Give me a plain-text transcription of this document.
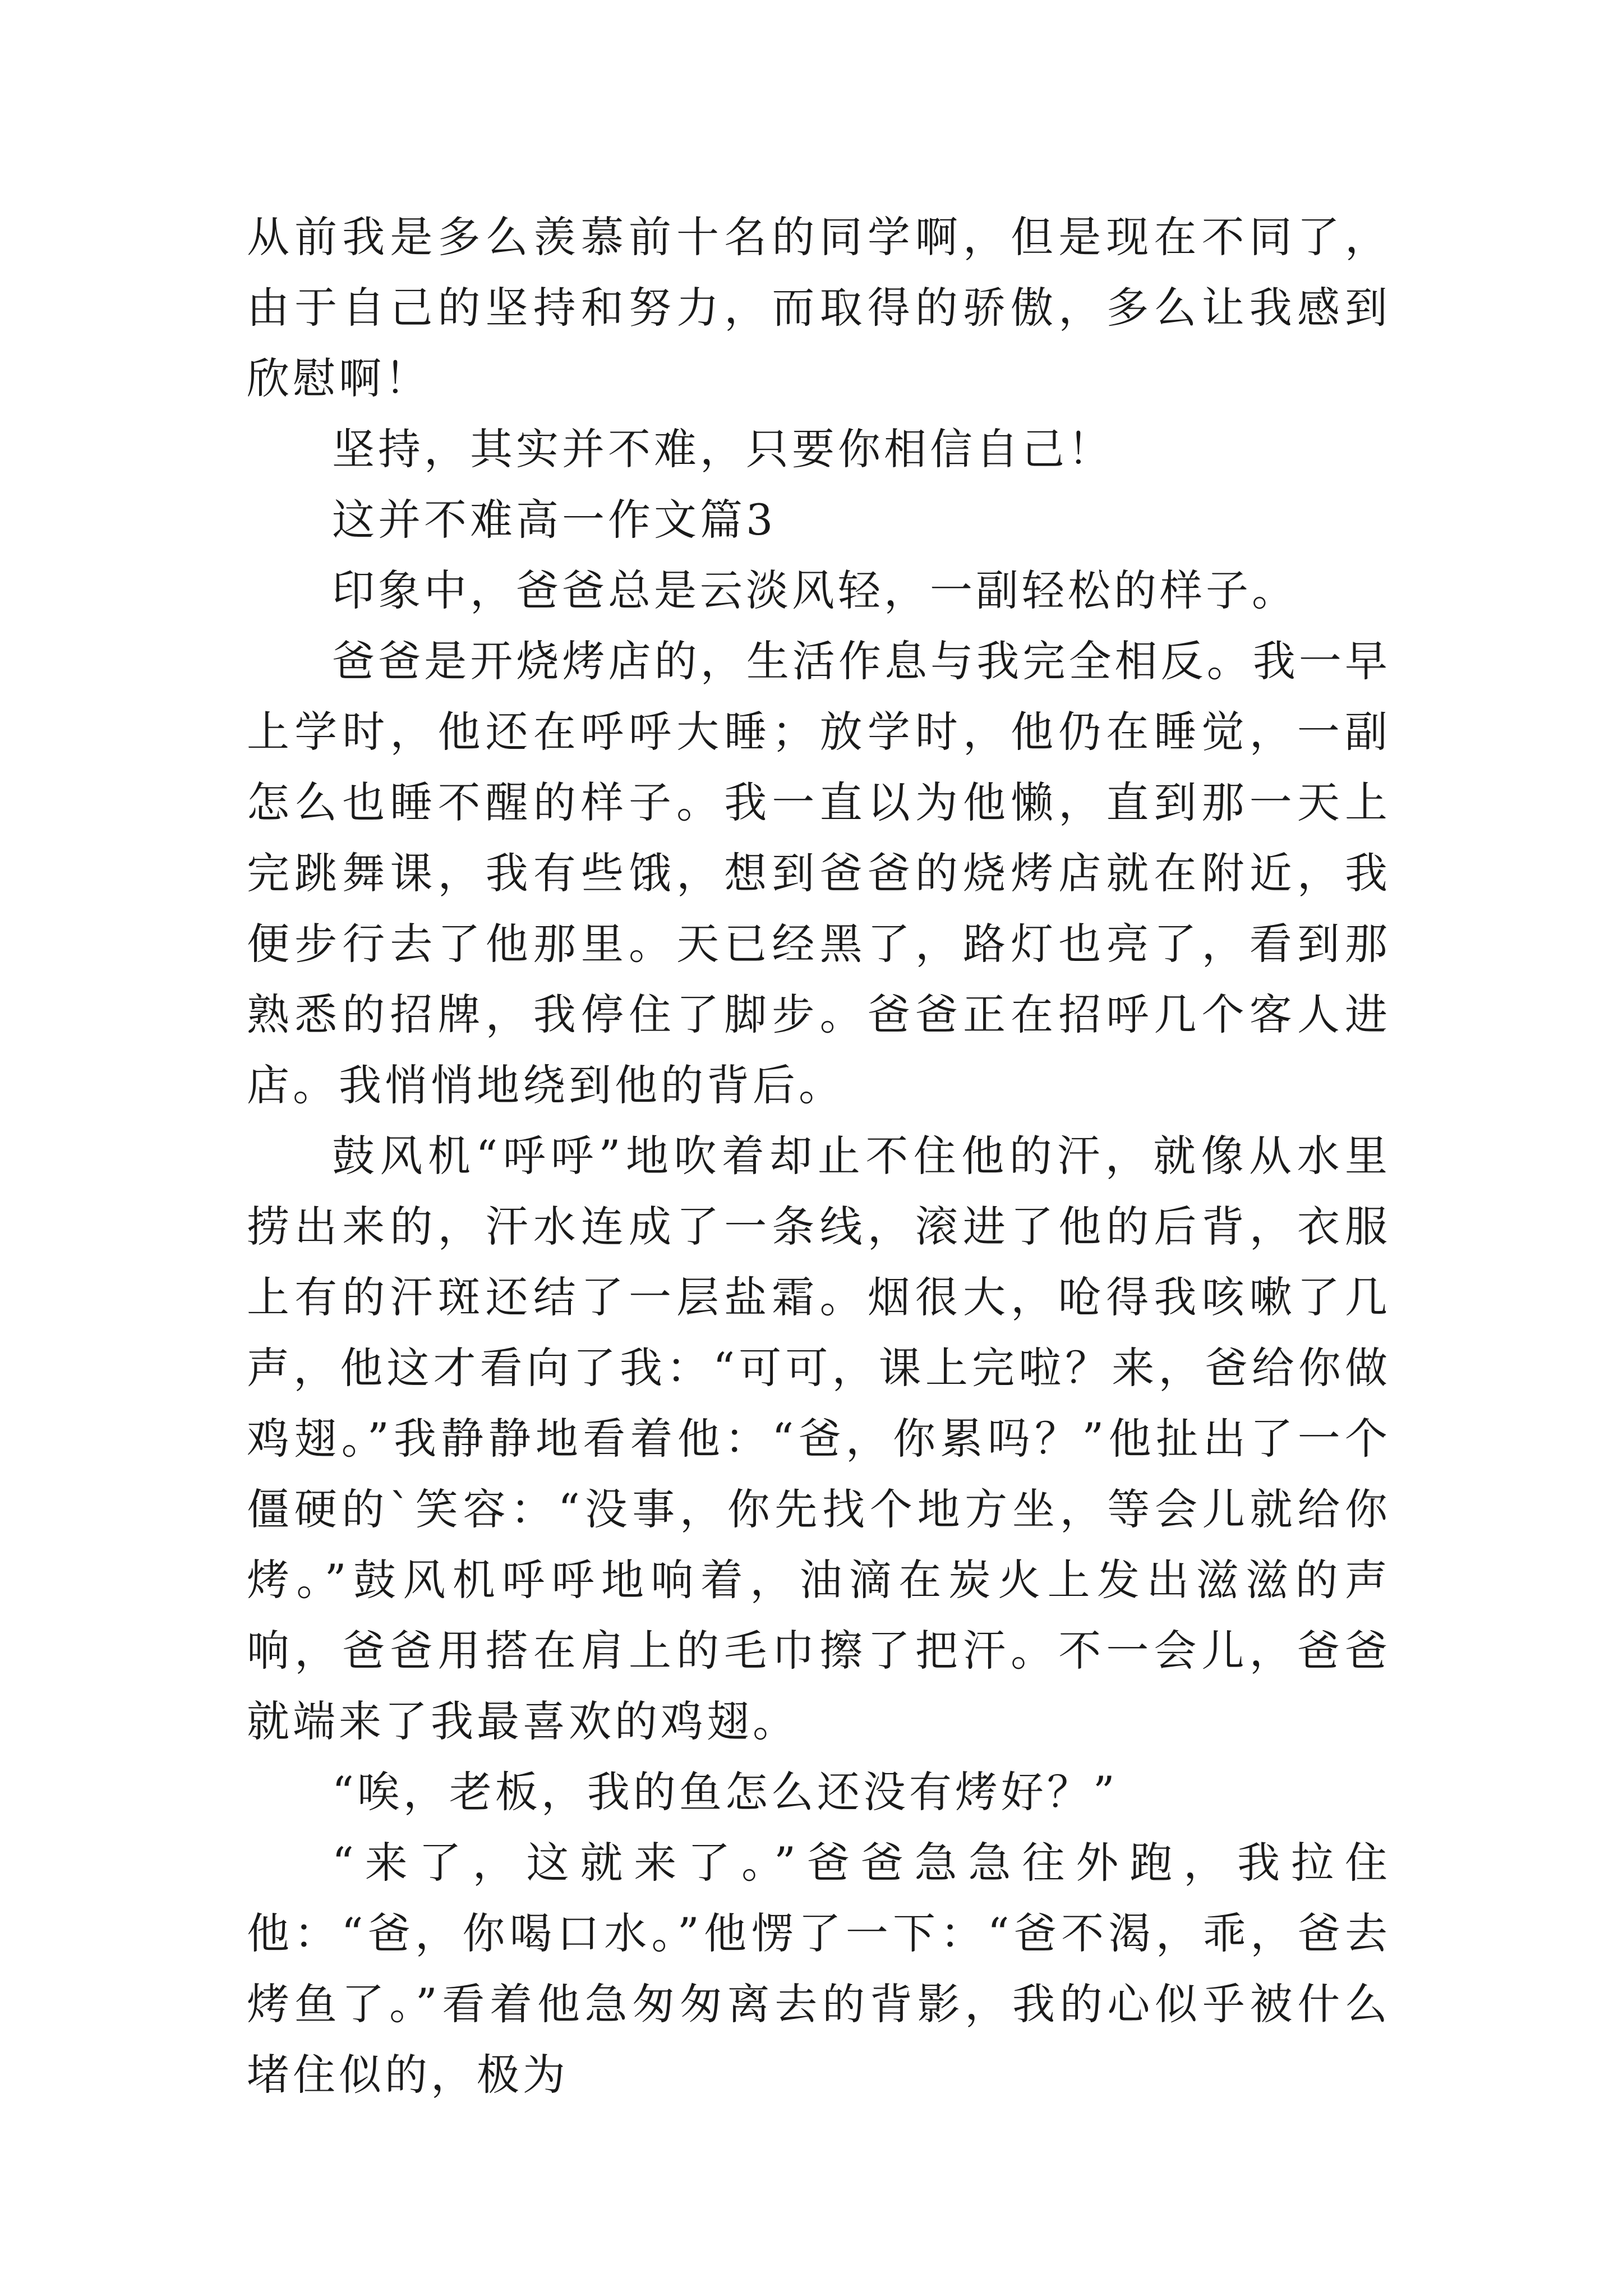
从前我是多么羡慕前十名的同学啊，但是现在不同了，由于自己的坚持和努力，而取得的骄傲，多么让我感到欣慰啊！

坚持，其实并不难，只要你相信自己！

这并不难高一作文篇3

印象中，爸爸总是云淡风轻，一副轻松的样子。

爸爸是开烧烤店的，生活作息与我完全相反。我一早上学时，他还在呼呼大睡；放学时，他仍在睡觉，一副怎么也睡不醒的样子。我一直以为他懒，直到那一天上完跳舞课，我有些饿，想到爸爸的烧烤店就在附近，我便步行去了他那里。天已经黑了，路灯也亮了，看到那熟悉的招牌，我停住了脚步。爸爸正在招呼几个客人进店。我悄悄地绕到他的背后。

鼓风机“呼呼”地吹着却止不住他的汗，就像从水里捞出来的，汗水连成了一条线，滚进了他的后背，衣服上有的汗斑还结了一层盐霜。烟很大，呛得我咳嗽了几声，他这才看向了我：“可可，课上完啦？来，爸给你做鸡翅。”我静静地看着他：“爸，你累吗？”他扯出了一个僵硬的`笑容：“没事，你先找个地方坐，等会儿就给你烤。”鼓风机呼呼地响着，油滴在炭火上发出滋滋的声响，爸爸用搭在肩上的毛巾擦了把汗。不一会儿，爸爸就端来了我最喜欢的鸡翅。

“唉，老板，我的鱼怎么还没有烤好？”

“来了，这就来了。”爸爸急急往外跑，我拉住他：“爸，你喝口水。”他愣了一下：“爸不渴，乖，爸去烤鱼了。”看着他急匆匆离去的背影，我的心似乎被什么堵住似的，极为
